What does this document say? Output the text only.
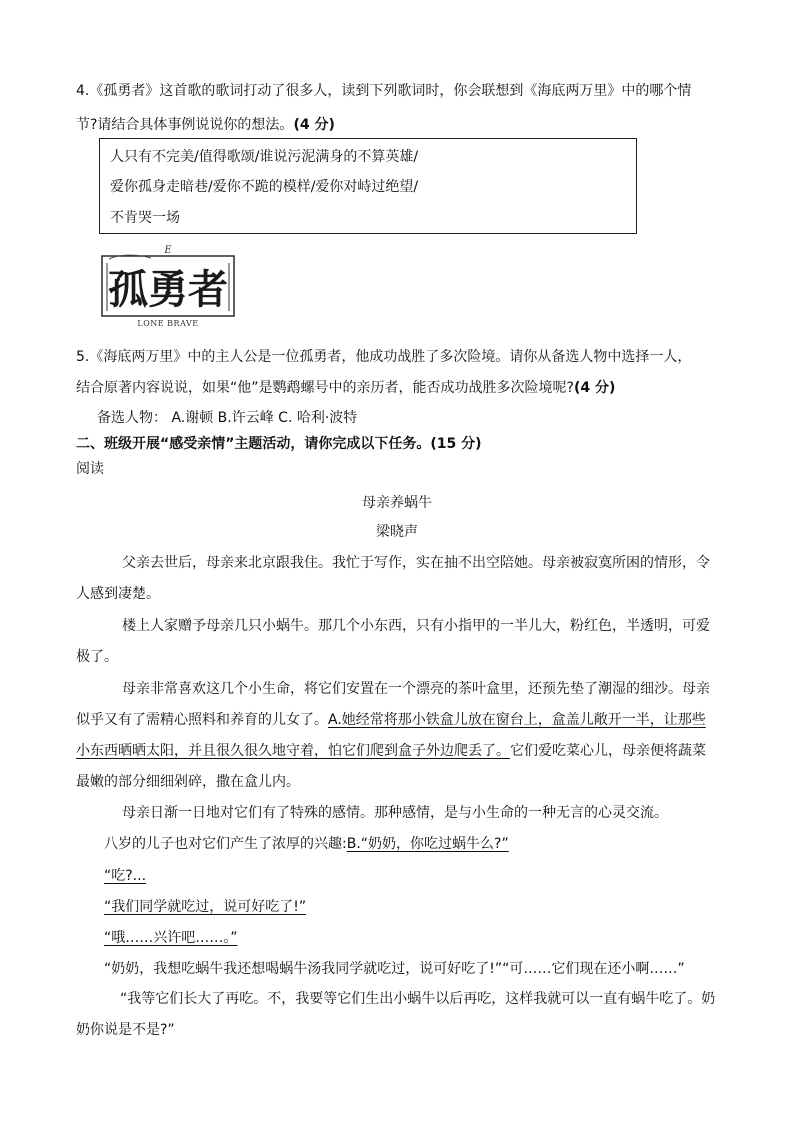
4.《孤勇者》这首歌的歌词打动了很多人，读到下列歌词时，你会联想到《海底两万里》中的哪个情
节?请结合具体事例说说你的想法。(4 分)
人只有不完美/值得歌颂/谁说污泥满身的不算英雄/
爱你孤身走暗巷/爱你不跪的模样/爱你对峙过绝望/
不肯哭一场
E
孤勇者
LONE BRAVE
5.《海底两万里》中的主人公是一位孤勇者，他成功战胜了多次险境。请你从备选人物中选择一人，
结合原著内容说说，如果“他”是鹦鹉螺号中的亲历者，能否成功战胜多次险境呢?(4 分)
备选人物： A.谢顿 B.许云峰 C. 哈利·波特
二、班级开展“感受亲情”主题活动，请你完成以下任务。(15 分)
阅读
母亲养蜗牛
梁晓声
父亲去世后，母亲来北京跟我住。我忙于写作，实在抽不出空陪她。母亲被寂寞所困的情形，令人感到凄楚。
楼上人家赠予母亲几只小蜗牛。那几个小东西，只有小指甲的一半儿大，粉红色，半透明，可爱极了。
母亲非常喜欢这几个小生命，将它们安置在一个漂亮的茶叶盒里，还预先垫了潮湿的细沙。母亲似乎又有了需精心照料和养育的儿女了。A.她经常将那小铁盒儿放在窗台上，盒盖儿敞开一半，让那些小东西晒晒太阳，并且很久很久地守着，怕它们爬到盒子外边爬丢了。它们爱吃菜心儿，母亲便将蔬菜最嫩的部分细细剁碎，撒在盒儿内。
母亲日渐一日地对它们有了特殊的感情。那种感情，是与小生命的一种无言的心灵交流。
八岁的儿子也对它们产生了浓厚的兴趣:B.“奶奶，你吃过蜗牛么?”
“吃?...
“我们同学就吃过，说可好吃了!”
“哦……兴许吧……。”
“奶奶，我想吃蜗牛我还想喝蜗牛汤我同学就吃过，说可好吃了!”“可……它们现在还小啊……”
“我等它们长大了再吃。不，我要等它们生出小蜗牛以后再吃，这样我就可以一直有蜗牛吃了。奶奶你说是不是?”
